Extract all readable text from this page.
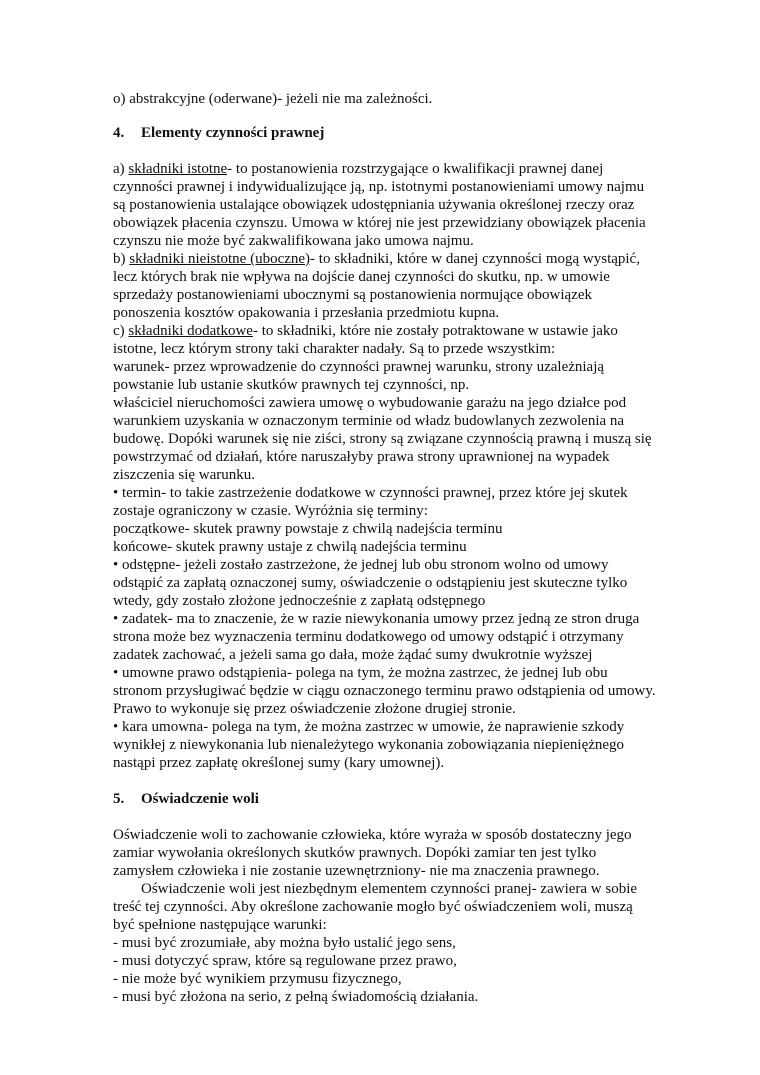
o) abstrakcyjne (oderwane)- jeżeli nie ma zależności.
4. Elementy czynności prawnej
a) składniki istotne- to postanowienia rozstrzygające o kwalifikacji prawnej danej
czynności prawnej i indywidualizujące ją, np. istotnymi postanowieniami umowy najmu
są postanowienia ustalające obowiązek udostępniania używania określonej rzeczy oraz
obowiązek płacenia czynszu. Umowa w której nie jest przewidziany obowiązek płacenia
czynszu nie może być zakwalifikowana jako umowa najmu.
b) składniki nieistotne (uboczne)- to składniki, które w danej czynności mogą wystąpić,
lecz których brak nie wpływa na dojście danej czynności do skutku, np. w umowie
sprzedaży postanowieniami ubocznymi są postanowienia normujące obowiązek
ponoszenia kosztów opakowania i przesłania przedmiotu kupna.
c) składniki dodatkowe- to składniki, które nie zostały potraktowane w ustawie jako
istotne, lecz którym strony taki charakter nadały. Są to przede wszystkim:
warunek- przez wprowadzenie do czynności prawnej warunku, strony uzależniają
powstanie lub ustanie skutków prawnych tej czynności, np.
właściciel nieruchomości zawiera umowę o wybudowanie garażu na jego działce pod
warunkiem uzyskania w oznaczonym terminie od władz budowlanych zezwolenia na
budowę. Dopóki warunek się nie ziści, strony są związane czynnością prawną i muszą się
powstrzymać od działań, które naruszałyby prawa strony uprawnionej na wypadek
ziszczenia się warunku.
• termin- to takie zastrzeżenie dodatkowe w czynności prawnej, przez które jej skutek
zostaje ograniczony w czasie. Wyróżnia się terminy:
początkowe- skutek prawny powstaje z chwilą nadejścia terminu
końcowe- skutek prawny ustaje z chwilą nadejścia terminu
• odstępne- jeżeli zostało zastrzeżone, że jednej lub obu stronom wolno od umowy
odstąpić za zapłatą oznaczonej sumy, oświadczenie o odstąpieniu jest skuteczne tylko
wtedy, gdy zostało złożone jednocześnie z zapłatą odstępnego
• zadatek- ma to znaczenie, że w razie niewykonania umowy przez jedną ze stron druga
strona może bez wyznaczenia terminu dodatkowego od umowy odstąpić i otrzymany
zadatek zachować, a jeżeli sama go dała, może żądać sumy dwukrotnie wyższej
• umowne prawo odstąpienia- polega na tym, że można zastrzec, że jednej lub obu
stronom przysługiwać będzie w ciągu oznaczonego terminu prawo odstąpienia od umowy.
Prawo to wykonuje się przez oświadczenie złożone drugiej stronie.
• kara umowna- polega na tym, że można zastrzec w umowie, że naprawienie szkody
wynikłej z niewykonania lub nienależytego wykonania zobowiązania niepieniężnego
nastąpi przez zapłatę określonej sumy (kary umownej).
5. Oświadczenie woli
Oświadczenie woli to zachowanie człowieka, które wyraża w sposób dostateczny jego
zamiar wywołania określonych skutków prawnych. Dopóki zamiar ten jest tylko
zamysłem człowieka i nie zostanie uzewnętrzniony- nie ma znaczenia prawnego.
Oświadczenie woli jest niezbędnym elementem czynności pranej- zawiera w sobie
treść tej czynności. Aby określone zachowanie mogło być oświadczeniem woli, muszą
być spełnione następujące warunki:
- musi być zrozumiałe, aby można było ustalić jego sens,
- musi dotyczyć spraw, które są regulowane przez prawo,
- nie może być wynikiem przymusu fizycznego,
- musi być złożona na serio, z pełną świadomością działania.
